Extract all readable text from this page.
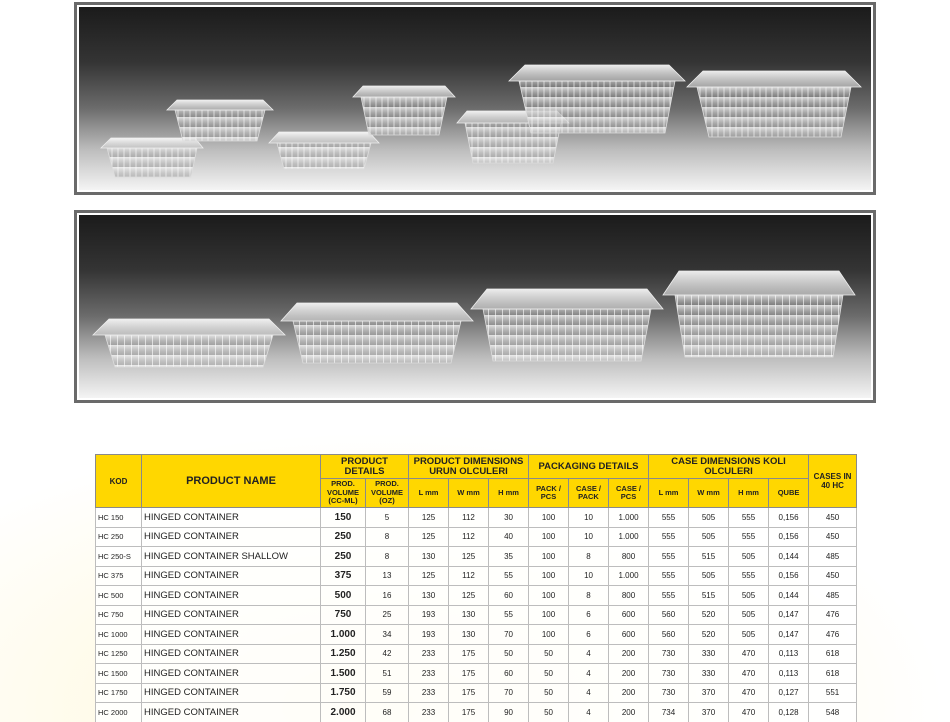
KOD	PRODUCT NAME	PRODUCT DETAILS		PRODUCT DIMENSIONS URUN OLCULERI			PACKAGING DETAILS			CASE DIMENSIONS KOLI OLCULERI				CASES IN 40 HC
		PROD. VOLUME (CC-ML)	PROD. VOLUME (OZ)	L mm	W mm	H mm	PACK / PCS	CASE / PACK	CASE / PCS	L mm	W mm	H mm	QUBE	
HC 150	HINGED CONTAINER	150	5	125	112	30	100	10	1.000	555	505	555	0,156	450
HC 250	HINGED CONTAINER	250	8	125	112	40	100	10	1.000	555	505	555	0,156	450
HC 250-S	HINGED CONTAINER SHALLOW	250	8	130	125	35	100	8	800	555	515	505	0,144	485
HC 375	HINGED CONTAINER	375	13	125	112	55	100	10	1.000	555	505	555	0,156	450
HC 500	HINGED CONTAINER	500	16	130	125	60	100	8	800	555	515	505	0,144	485
HC 750	HINGED CONTAINER	750	25	193	130	55	100	6	600	560	520	505	0,147	476
HC 1000	HINGED CONTAINER	1.000	34	193	130	70	100	6	600	560	520	505	0,147	476
HC 1250	HINGED CONTAINER	1.250	42	233	175	50	50	4	200	730	330	470	0,113	618
HC 1500	HINGED CONTAINER	1.500	51	233	175	60	50	4	200	730	330	470	0,113	618
HC 1750	HINGED CONTAINER	1.750	59	233	175	70	50	4	200	730	370	470	0,127	551
HC 2000	HINGED CONTAINER	2.000	68	233	175	90	50	4	200	734	370	470	0,128	548
